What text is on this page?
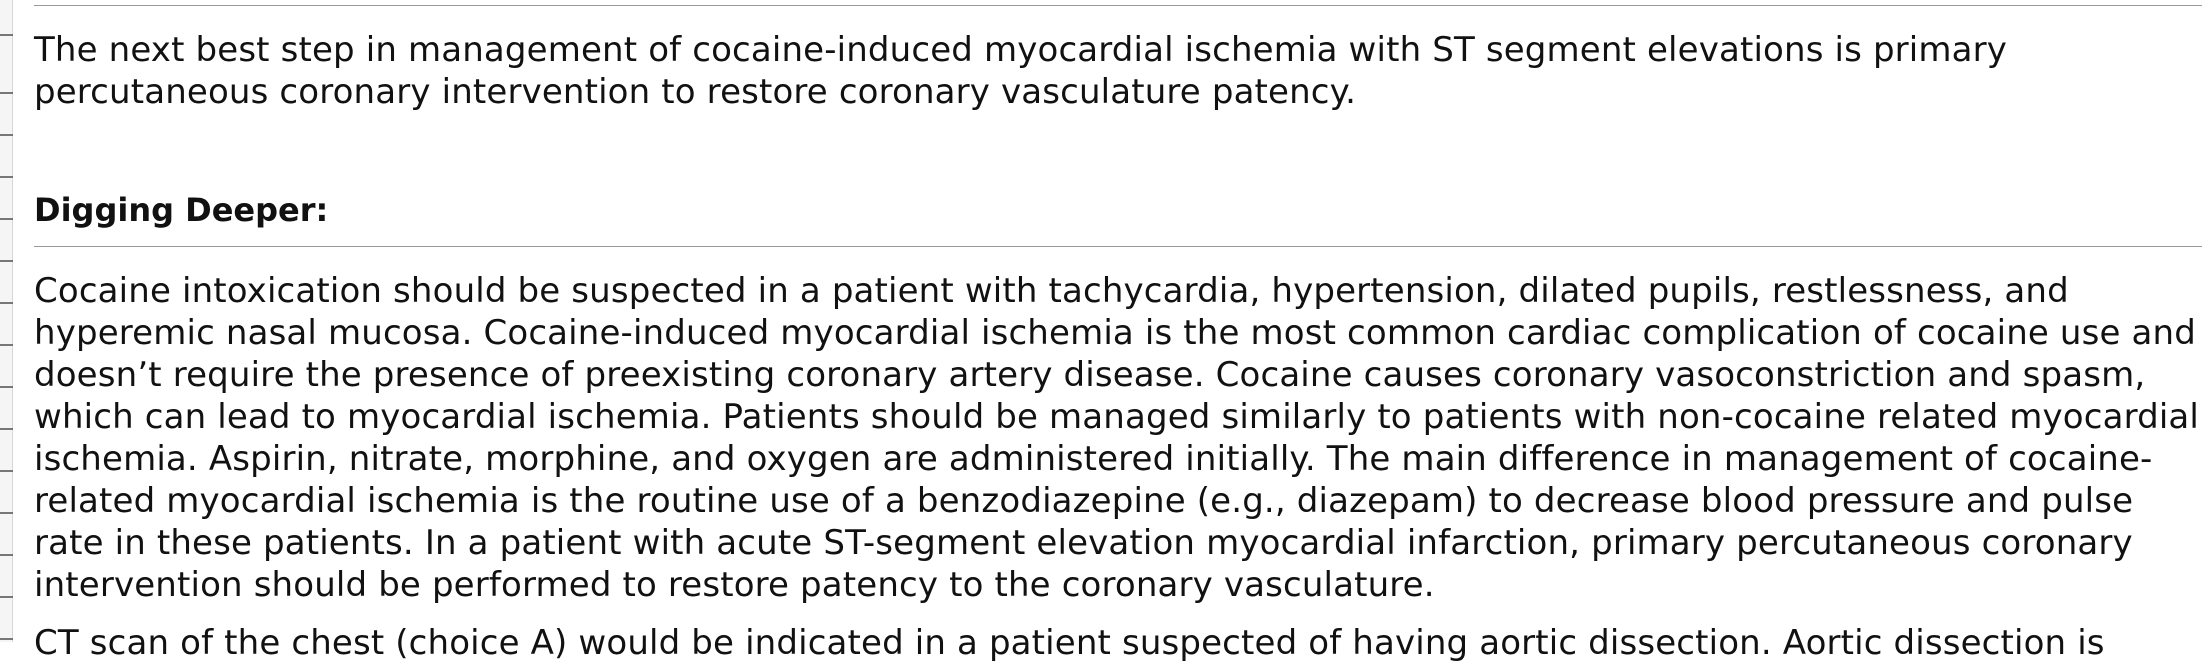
The next best step in management of cocaine-induced myocardial ischemia with ST segment elevations is primary percutaneous coronary intervention to restore coronary vasculature patency.

Digging Deeper:

Cocaine intoxication should be suspected in a patient with tachycardia, hypertension, dilated pupils, restlessness, and hyperemic nasal mucosa. Cocaine-induced myocardial ischemia is the most common cardiac complication of cocaine use and doesn’t require the presence of preexisting coronary artery disease. Cocaine causes coronary vasoconstriction and spasm, which can lead to myocardial ischemia. Patients should be managed similarly to patients with non-cocaine related myocardial ischemia. Aspirin, nitrate, morphine, and oxygen are administered initially. The main difference in management of cocaine-related myocardial ischemia is the routine use of a benzodiazepine (e.g., diazepam) to decrease blood pressure and pulse rate in these patients. In a patient with acute ST-segment elevation myocardial infarction, primary percutaneous coronary intervention should be performed to restore patency to the coronary vasculature.

CT scan of the chest (choice A) would be indicated in a patient suspected of having aortic dissection. Aortic dissection is
